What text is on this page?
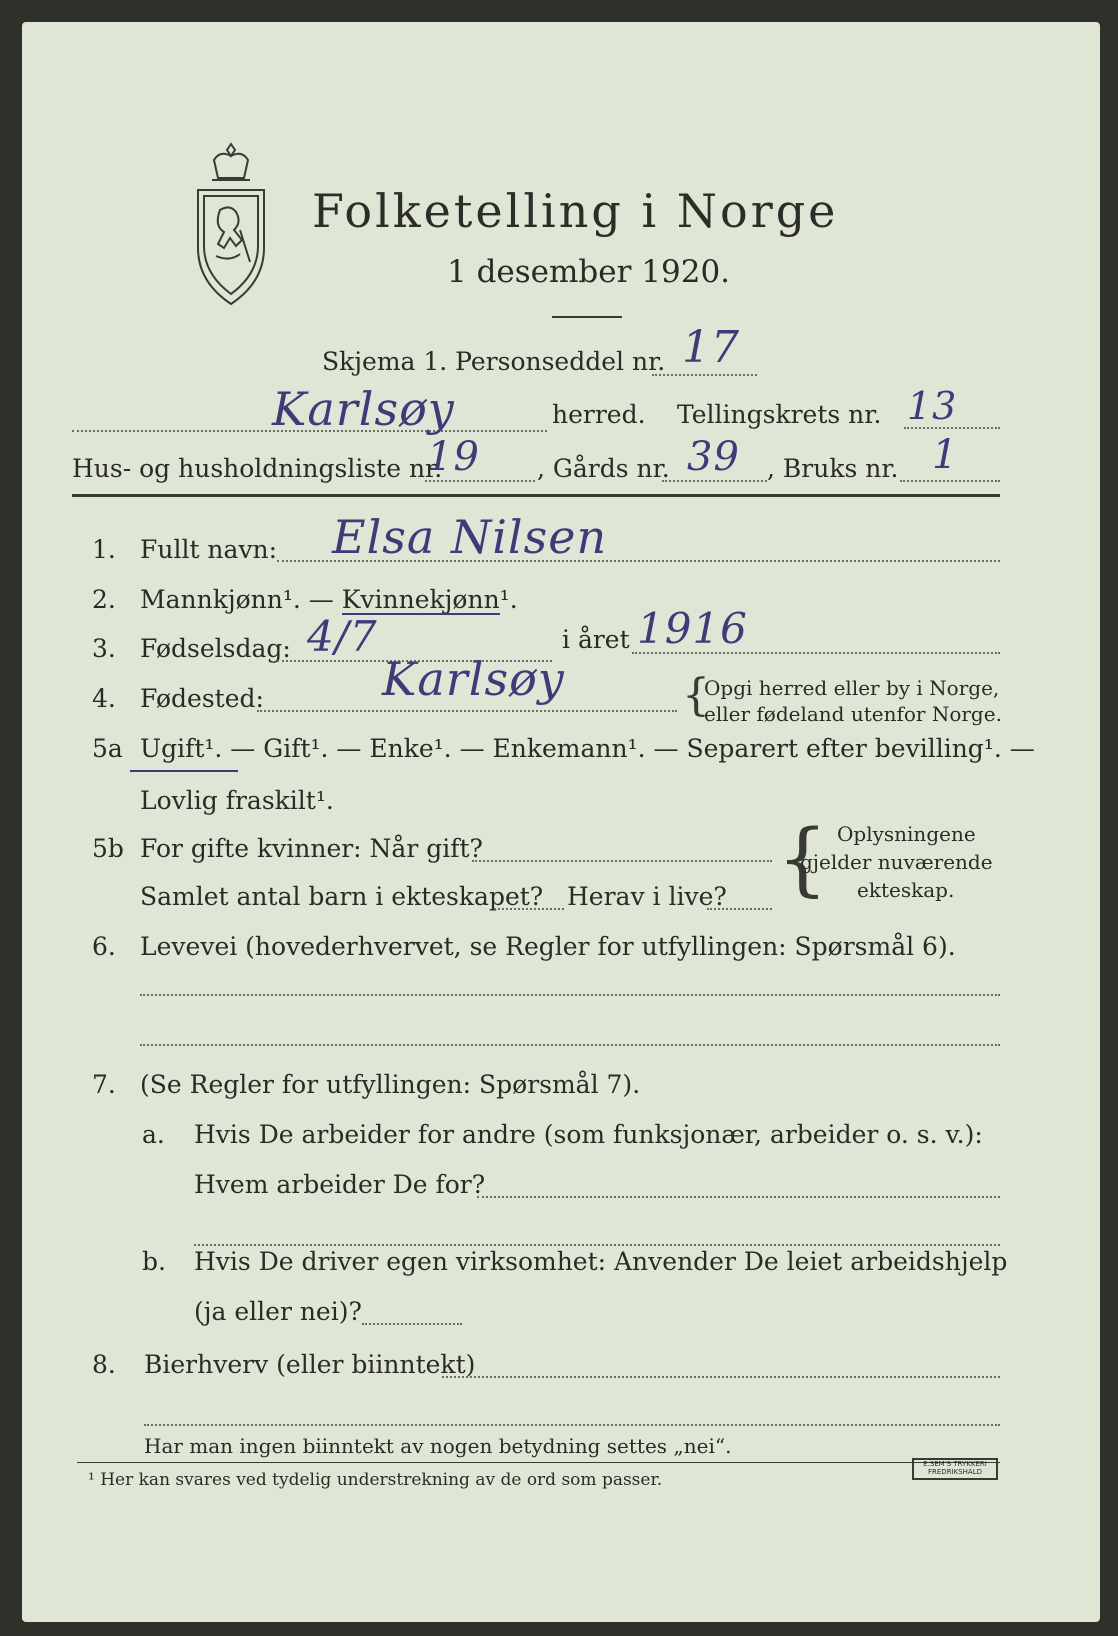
Folketelling i Norge
1 desember 1920.
Skjema 1. Personseddel nr. 17
Karlsøy	herred. Tellingskrets nr. 13
Hus- og husholdningsliste nr.
19 , Gårds nr. 39 , Bruks nr. 1
1. Fullt navn: Elsa Nilsen
2. Mannkjønn¹. — Kvinnekjønn¹.
3. Fødselsdag: 4/7	i året 1916
4. Fødested:	Karlsøy	{
Opgi herred eller by i Norge,
eller fødeland utenfor Norge.
5a Ugift¹. — Gift¹. — Enke¹. — Enkemann¹. — Separert efter bevilling¹. —
Lovlig fraskilt¹.
5b For gifte kvinner: Når gift?
Samlet antal barn i ekteskapet? Herav i live? { Oplysningene
gjelder nuværende
ekteskap.
6. Levevei (hovederhvervet, se Regler for utfyllingen: Spørsmål 6).
7. (Se Regler for utfyllingen: Spørsmål 7).
a. Hvis De arbeider for andre (som funksjonær, arbeider o. s. v.):
Hvem arbeider De for?
b. Hvis De driver egen virksomhet: Anvender De leiet arbeidshjelp
(ja eller nei)?
8. Bierhverv (eller biinntekt)
Har man ingen biinntekt av nogen betydning settes „nei“.
¹ Her kan svares ved tydelig understrekning av de ord som passer.
E.SEM'S TRYKKERI
FREDRIKSHALD
